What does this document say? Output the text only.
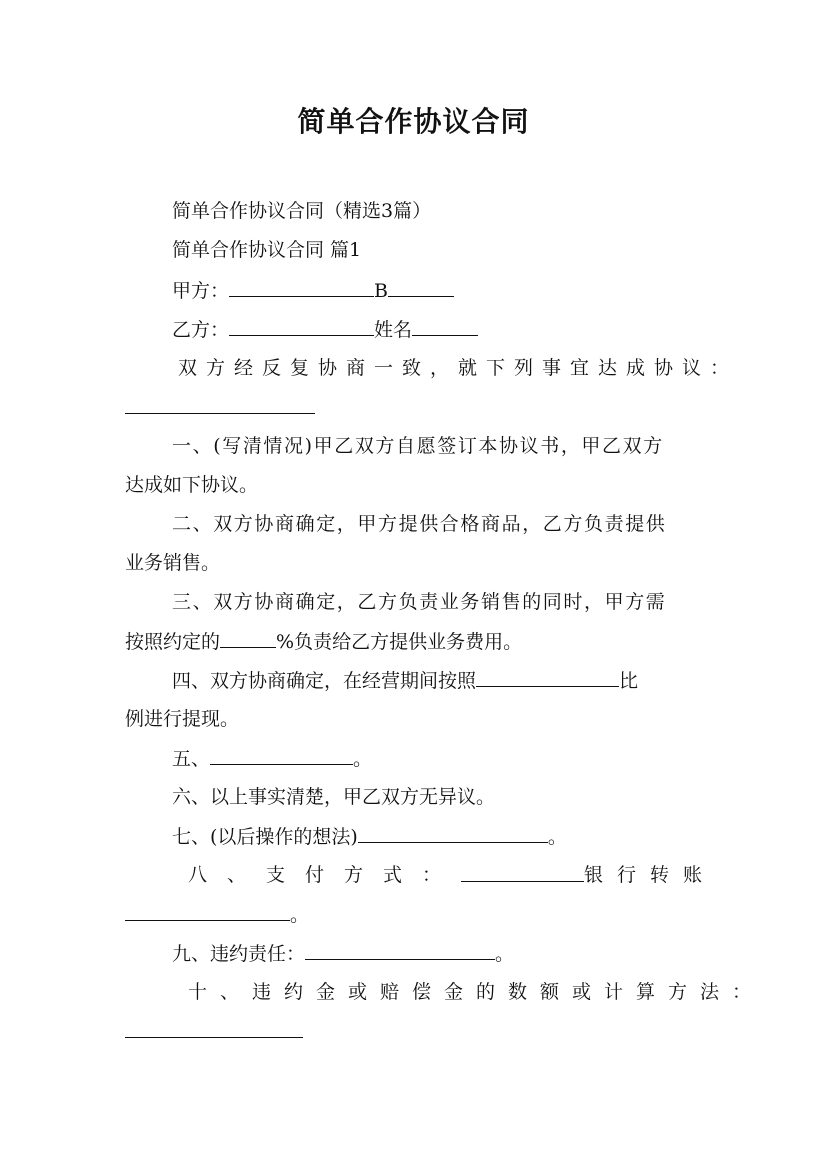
简单合作协议合同
简单合作协议合同（精选3篇）
简单合作协议合同 篇1
甲方：	B
乙方：	姓名
双方经反复协商一致，就下列事宜达成协议：
一、(写清情况)甲乙双方自愿签订本协议书，甲乙双方
达成如下协议。
二、双方协商确定，甲方提供合格商品，乙方负责提供
业务销售。
三、双方协商确定，乙方负责业务销售的同时，甲方需
按照约定的	%负责给乙方提供业务费用。
四、双方协商确定，在经营期间按照	比
例进行提现。
五、	。
六、以上事实清楚，甲乙双方无异议。
七、(以后操作的想法)	。
八、支付方式：	银行转账
。
九、违约责任：	。
十、违约金或赔偿金的数额或计算方法：
